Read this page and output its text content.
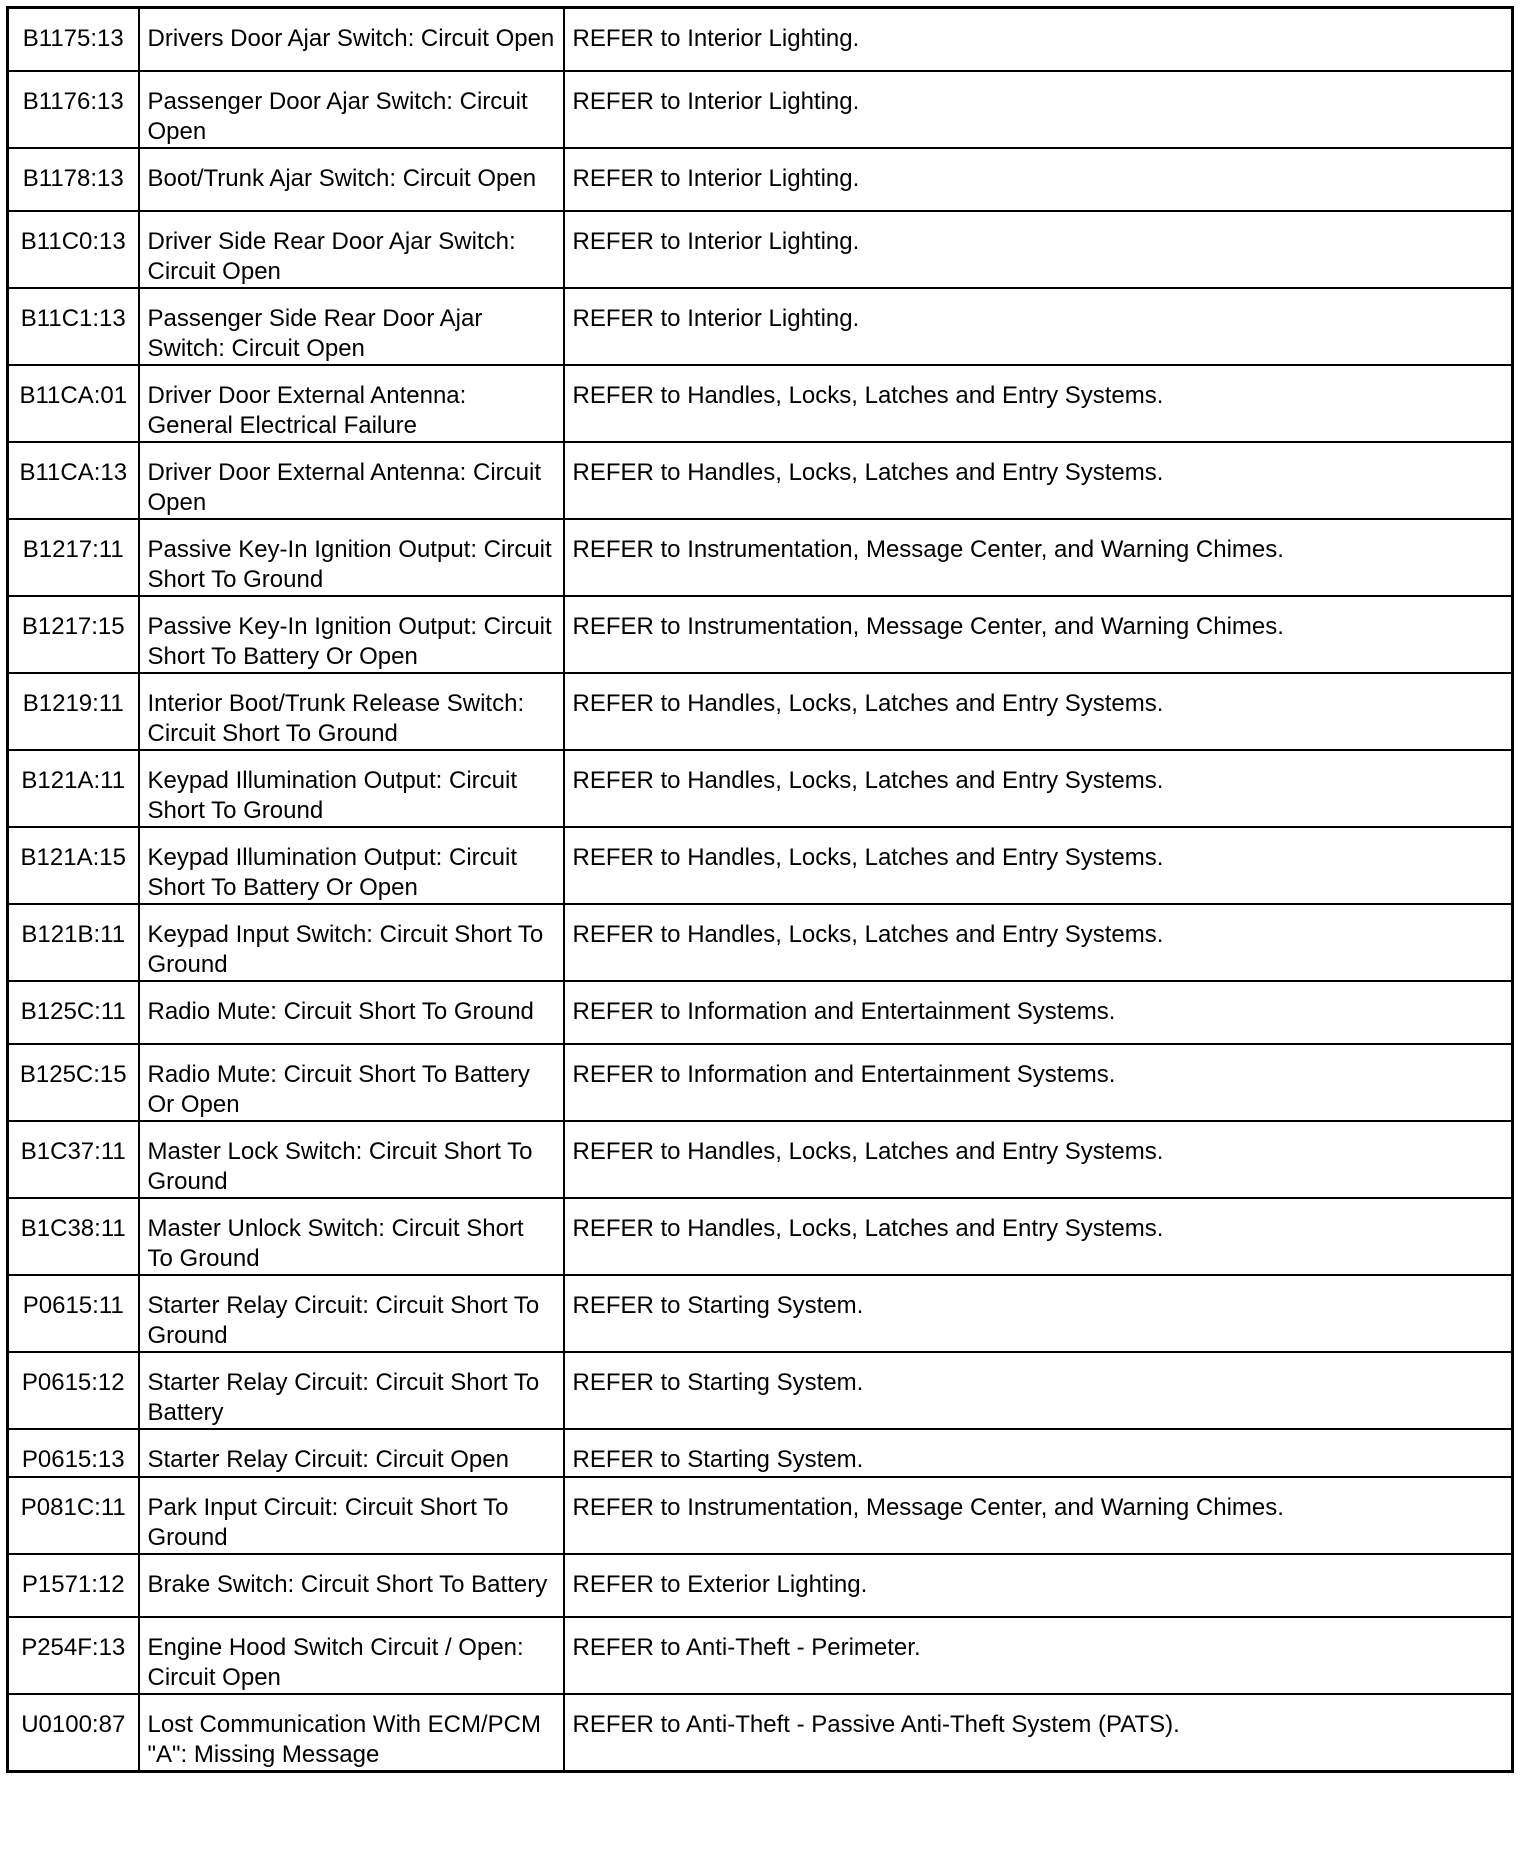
B1175:13	Drivers Door Ajar Switch: Circuit Open	REFER to Interior Lighting.
B1176:13	Passenger Door Ajar Switch: Circuit Open	REFER to Interior Lighting.
B1178:13	Boot/Trunk Ajar Switch: Circuit Open	REFER to Interior Lighting.
B11C0:13	Driver Side Rear Door Ajar Switch: Circuit Open	REFER to Interior Lighting.
B11C1:13	Passenger Side Rear Door Ajar Switch: Circuit Open	REFER to Interior Lighting.
B11CA:01	Driver Door External Antenna: General Electrical Failure	REFER to Handles, Locks, Latches and Entry Systems.
B11CA:13	Driver Door External Antenna: Circuit Open	REFER to Handles, Locks, Latches and Entry Systems.
B1217:11	Passive Key-In Ignition Output: Circuit Short To Ground	REFER to Instrumentation, Message Center, and Warning Chimes.
B1217:15	Passive Key-In Ignition Output: Circuit Short To Battery Or Open	REFER to Instrumentation, Message Center, and Warning Chimes.
B1219:11	Interior Boot/Trunk Release Switch: Circuit Short To Ground	REFER to Handles, Locks, Latches and Entry Systems.
B121A:11	Keypad Illumination Output: Circuit Short To Ground	REFER to Handles, Locks, Latches and Entry Systems.
B121A:15	Keypad Illumination Output: Circuit Short To Battery Or Open	REFER to Handles, Locks, Latches and Entry Systems.
B121B:11	Keypad Input Switch: Circuit Short To Ground	REFER to Handles, Locks, Latches and Entry Systems.
B125C:11	Radio Mute: Circuit Short To Ground	REFER to Information and Entertainment Systems.
B125C:15	Radio Mute: Circuit Short To Battery Or Open	REFER to Information and Entertainment Systems.
B1C37:11	Master Lock Switch: Circuit Short To Ground	REFER to Handles, Locks, Latches and Entry Systems.
B1C38:11	Master Unlock Switch: Circuit Short To Ground	REFER to Handles, Locks, Latches and Entry Systems.
P0615:11	Starter Relay Circuit: Circuit Short To Ground	REFER to Starting System.
P0615:12	Starter Relay Circuit: Circuit Short To Battery	REFER to Starting System.
P0615:13	Starter Relay Circuit: Circuit Open	REFER to Starting System.
P081C:11	Park Input Circuit: Circuit Short To Ground	REFER to Instrumentation, Message Center, and Warning Chimes.
P1571:12	Brake Switch: Circuit Short To Battery	REFER to Exterior Lighting.
P254F:13	Engine Hood Switch Circuit / Open: Circuit Open	REFER to Anti-Theft - Perimeter.
U0100:87	Lost Communication With ECM/PCM "A": Missing Message	REFER to Anti-Theft - Passive Anti-Theft System (PATS).
